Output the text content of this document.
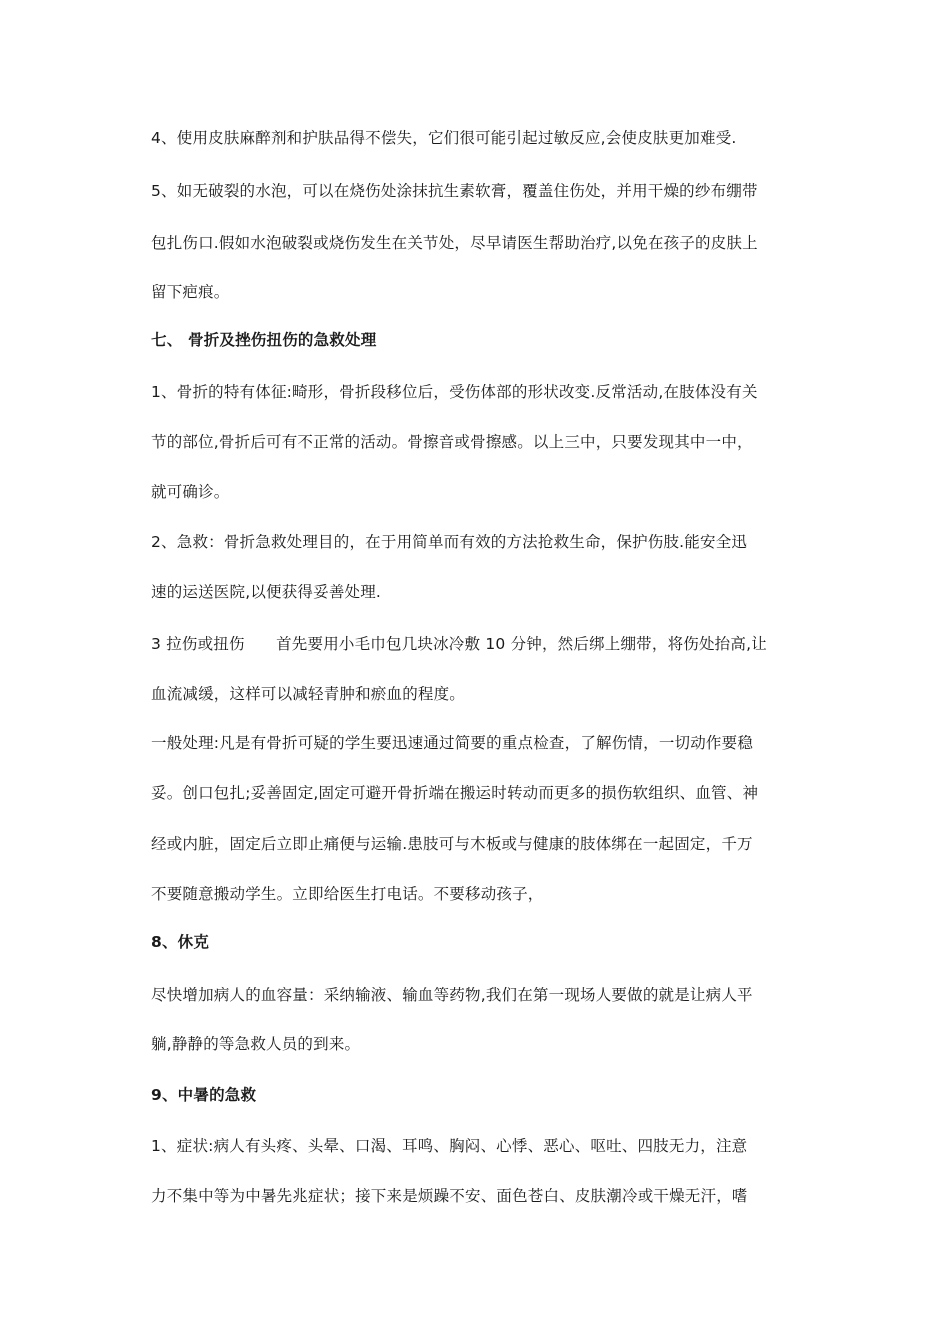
4、使用皮肤麻醉剂和护肤品得不偿失，它们很可能引起过敏反应,会使皮肤更加难受.
5、如无破裂的水泡，可以在烧伤处涂抹抗生素软膏，覆盖住伤处，并用干燥的纱布绷带
包扎伤口.假如水泡破裂或烧伤发生在关节处，尽早请医生帮助治疗,以免在孩子的皮肤上
留下疤痕。
七、 骨折及挫伤扭伤的急救处理
1、骨折的特有体征:畸形，骨折段移位后，受伤体部的形状改变.反常活动,在肢体没有关
节的部位,骨折后可有不正常的活动。骨擦音或骨擦感。以上三中，只要发现其中一中，
就可确诊。
2、急救：骨折急救处理目的，在于用简单而有效的方法抢救生命，保护伤肢.能安全迅
速的运送医院,以便获得妥善处理.
3 拉伤或扭伤　　首先要用小毛巾包几块冰冷敷 10 分钟，然后绑上绷带，将伤处抬高,让
血流减缓，这样可以减轻青肿和瘀血的程度。
一般处理:凡是有骨折可疑的学生要迅速通过简要的重点检查，了解伤情，一切动作要稳
妥。创口包扎;妥善固定,固定可避开骨折端在搬运时转动而更多的损伤软组织、血管、神
经或内脏，固定后立即止痛便与运输.患肢可与木板或与健康的肢体绑在一起固定，千万
不要随意搬动学生。立即给医生打电话。不要移动孩子，
8、休克
尽快增加病人的血容量：采纳输液、输血等药物,我们在第一现场人要做的就是让病人平
躺,静静的等急救人员的到来。
9、中暑的急救
1、症状:病人有头疼、头晕、口渴、耳鸣、胸闷、心悸、恶心、呕吐、四肢无力，注意
力不集中等为中暑先兆症状；接下来是烦躁不安、面色苍白、皮肤潮冷或干燥无汗，嗜
